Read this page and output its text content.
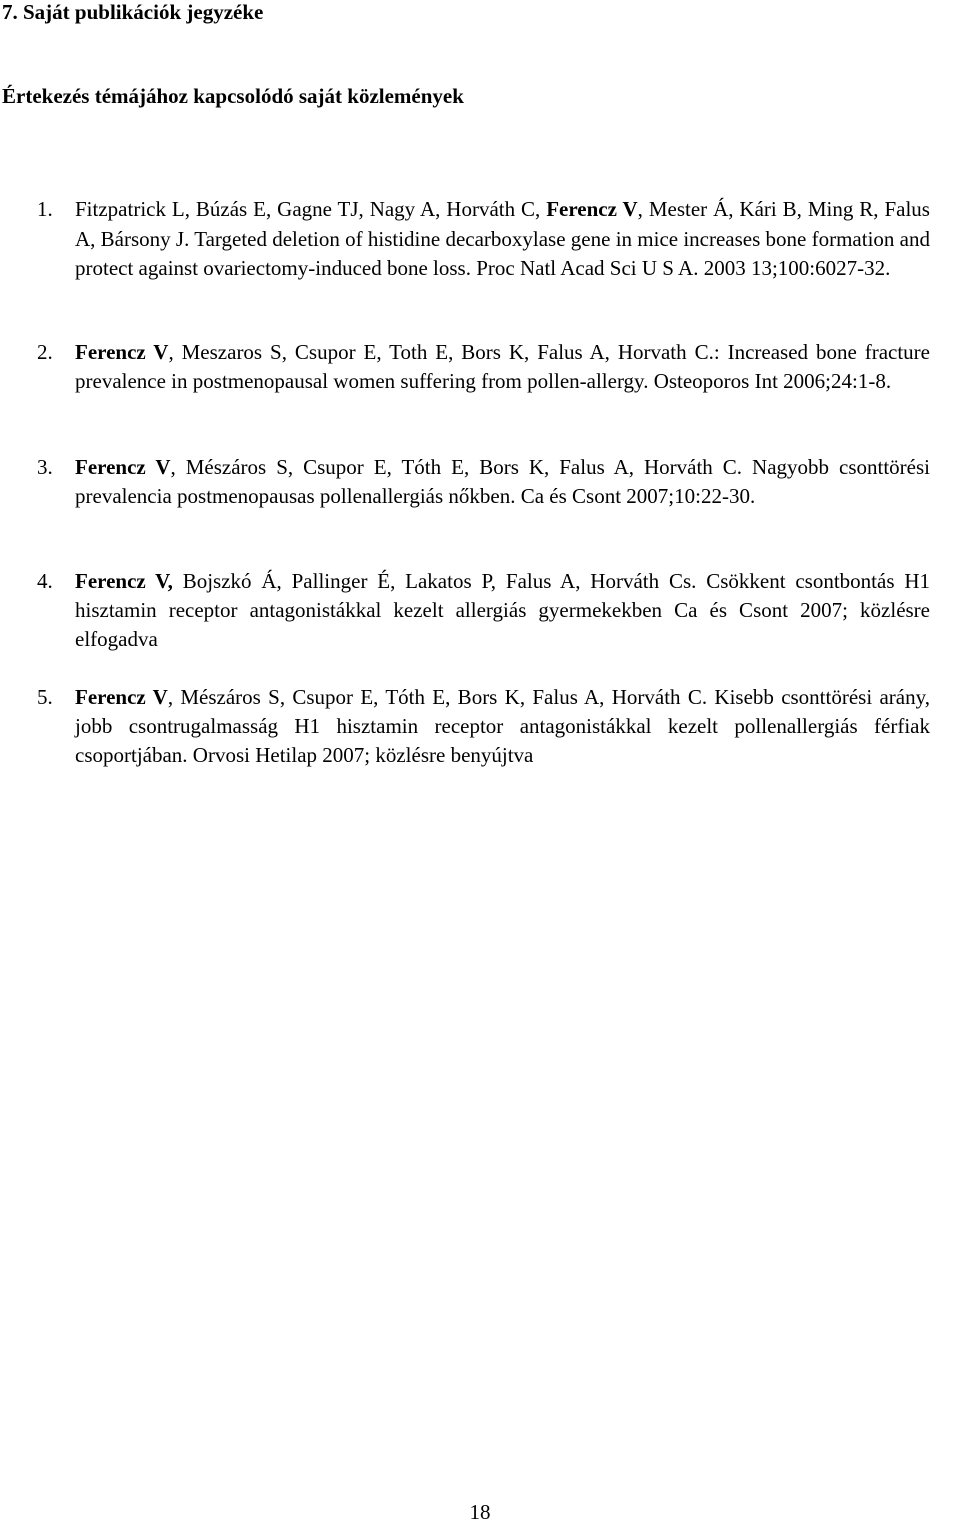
7. Saját publikációk jegyzéke
Értekezés témájához kapcsolódó saját közlemények
1. Fitzpatrick L, Búzás E, Gagne TJ, Nagy A, Horváth C, Ferencz V, Mester Á, Kári B, Ming R, Falus A, Bársony J. Targeted deletion of histidine decarboxylase gene in mice increases bone formation and protect against ovariectomy-induced bone loss. Proc Natl Acad Sci U S A. 2003 13;100:6027-32.
2. Ferencz V, Meszaros S, Csupor E, Toth E, Bors K, Falus A, Horvath C.: Increased bone fracture prevalence in postmenopausal women suffering from pollen-allergy. Osteoporos Int 2006;24:1-8.
3. Ferencz V, Mészáros S, Csupor E, Tóth E, Bors K, Falus A, Horváth C. Nagyobb csonttörési prevalencia postmenopausas pollenallergiás nőkben. Ca és Csont 2007;10:22-30.
4. Ferencz V, Bojszkó Á, Pallinger É, Lakatos P, Falus A, Horváth Cs. Csökkent csontbontás H1 hisztamin receptor antagonistákkal kezelt allergiás gyermekekben Ca és Csont 2007; közlésre elfogadva
5. Ferencz V, Mészáros S, Csupor E, Tóth E, Bors K, Falus A, Horváth C. Kisebb csonttörési arány, jobb csontrugalmasság H1 hisztamin receptor antagonistákkal kezelt pollenallergiás férfiak csoportjában. Orvosi Hetilap 2007; közlésre benyújtva
18
